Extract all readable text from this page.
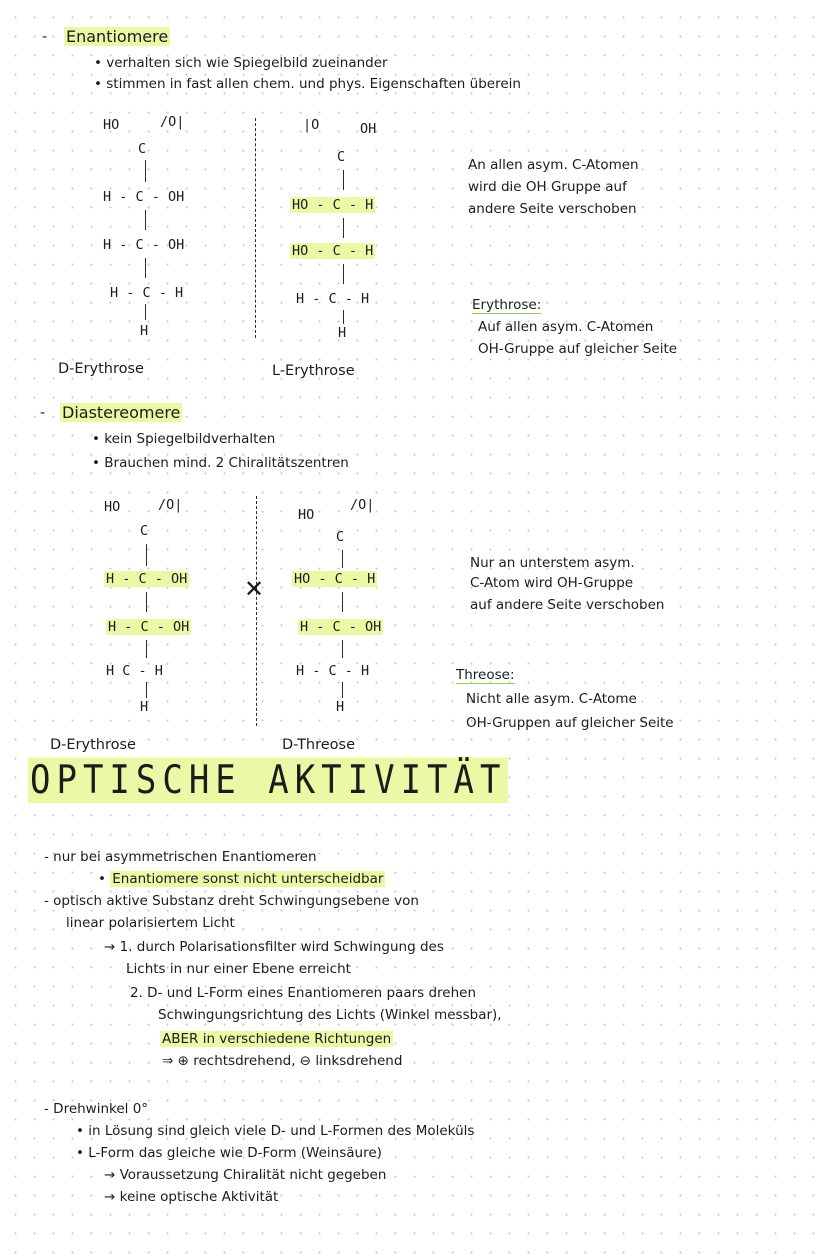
- Enantiomere
• verhalten sich wie Spiegelbild zueinander
• stimmen in fast allen chem. und phys. Eigenschaften überein
HO	/O|
C
H - C - OH
H - C - OH
H - C - H
H
D-Erythrose
|O	OH
C
HO - C - H
HO - C - H
H - C - H
H
L-Erythrose
An allen asym. C-Atomen
wird die OH Gruppe auf
andere Seite verschoben
Erythrose:
Auf allen asym. C-Atomen
OH-Gruppe auf gleicher Seite
- Diastereomere
• kein Spiegelbildverhalten
• Brauchen mind. 2 Chiralitätszentren
HO	/O|
C
H - C - OH
H - C - OH
H C - H
H
D-Erythrose
✕
HO
/O|
C
HO - C - H
H - C - OH
H - C - H
H
D-Threose
Nur an unterstem asym.
C-Atom wird OH-Gruppe
auf andere Seite verschoben
Threose:
Nicht alle asym. C-Atome
OH-Gruppen auf gleicher Seite
OPTISCHE AKTIVITÄT
- nur bei asymmetrischen Enantiomeren
• Enantiomere sonst nicht unterscheidbar
- optisch aktive Substanz dreht Schwingungsebene von
linear polarisiertem Licht
→ 1. durch Polarisationsfilter wird Schwingung des
Lichts in nur einer Ebene erreicht
2. D- und L-Form eines Enantiomeren paars drehen
Schwingungsrichtung des Lichts (Winkel messbar),
ABER in verschiedene Richtungen
⇒ ⊕ rechtsdrehend, ⊖ linksdrehend
- Drehwinkel 0°
• in Lösung sind gleich viele D- und L-Formen des Moleküls
• L-Form das gleiche wie D-Form (Weinsäure)
→ Voraussetzung Chiralität nicht gegeben
→ keine optische Aktivität
